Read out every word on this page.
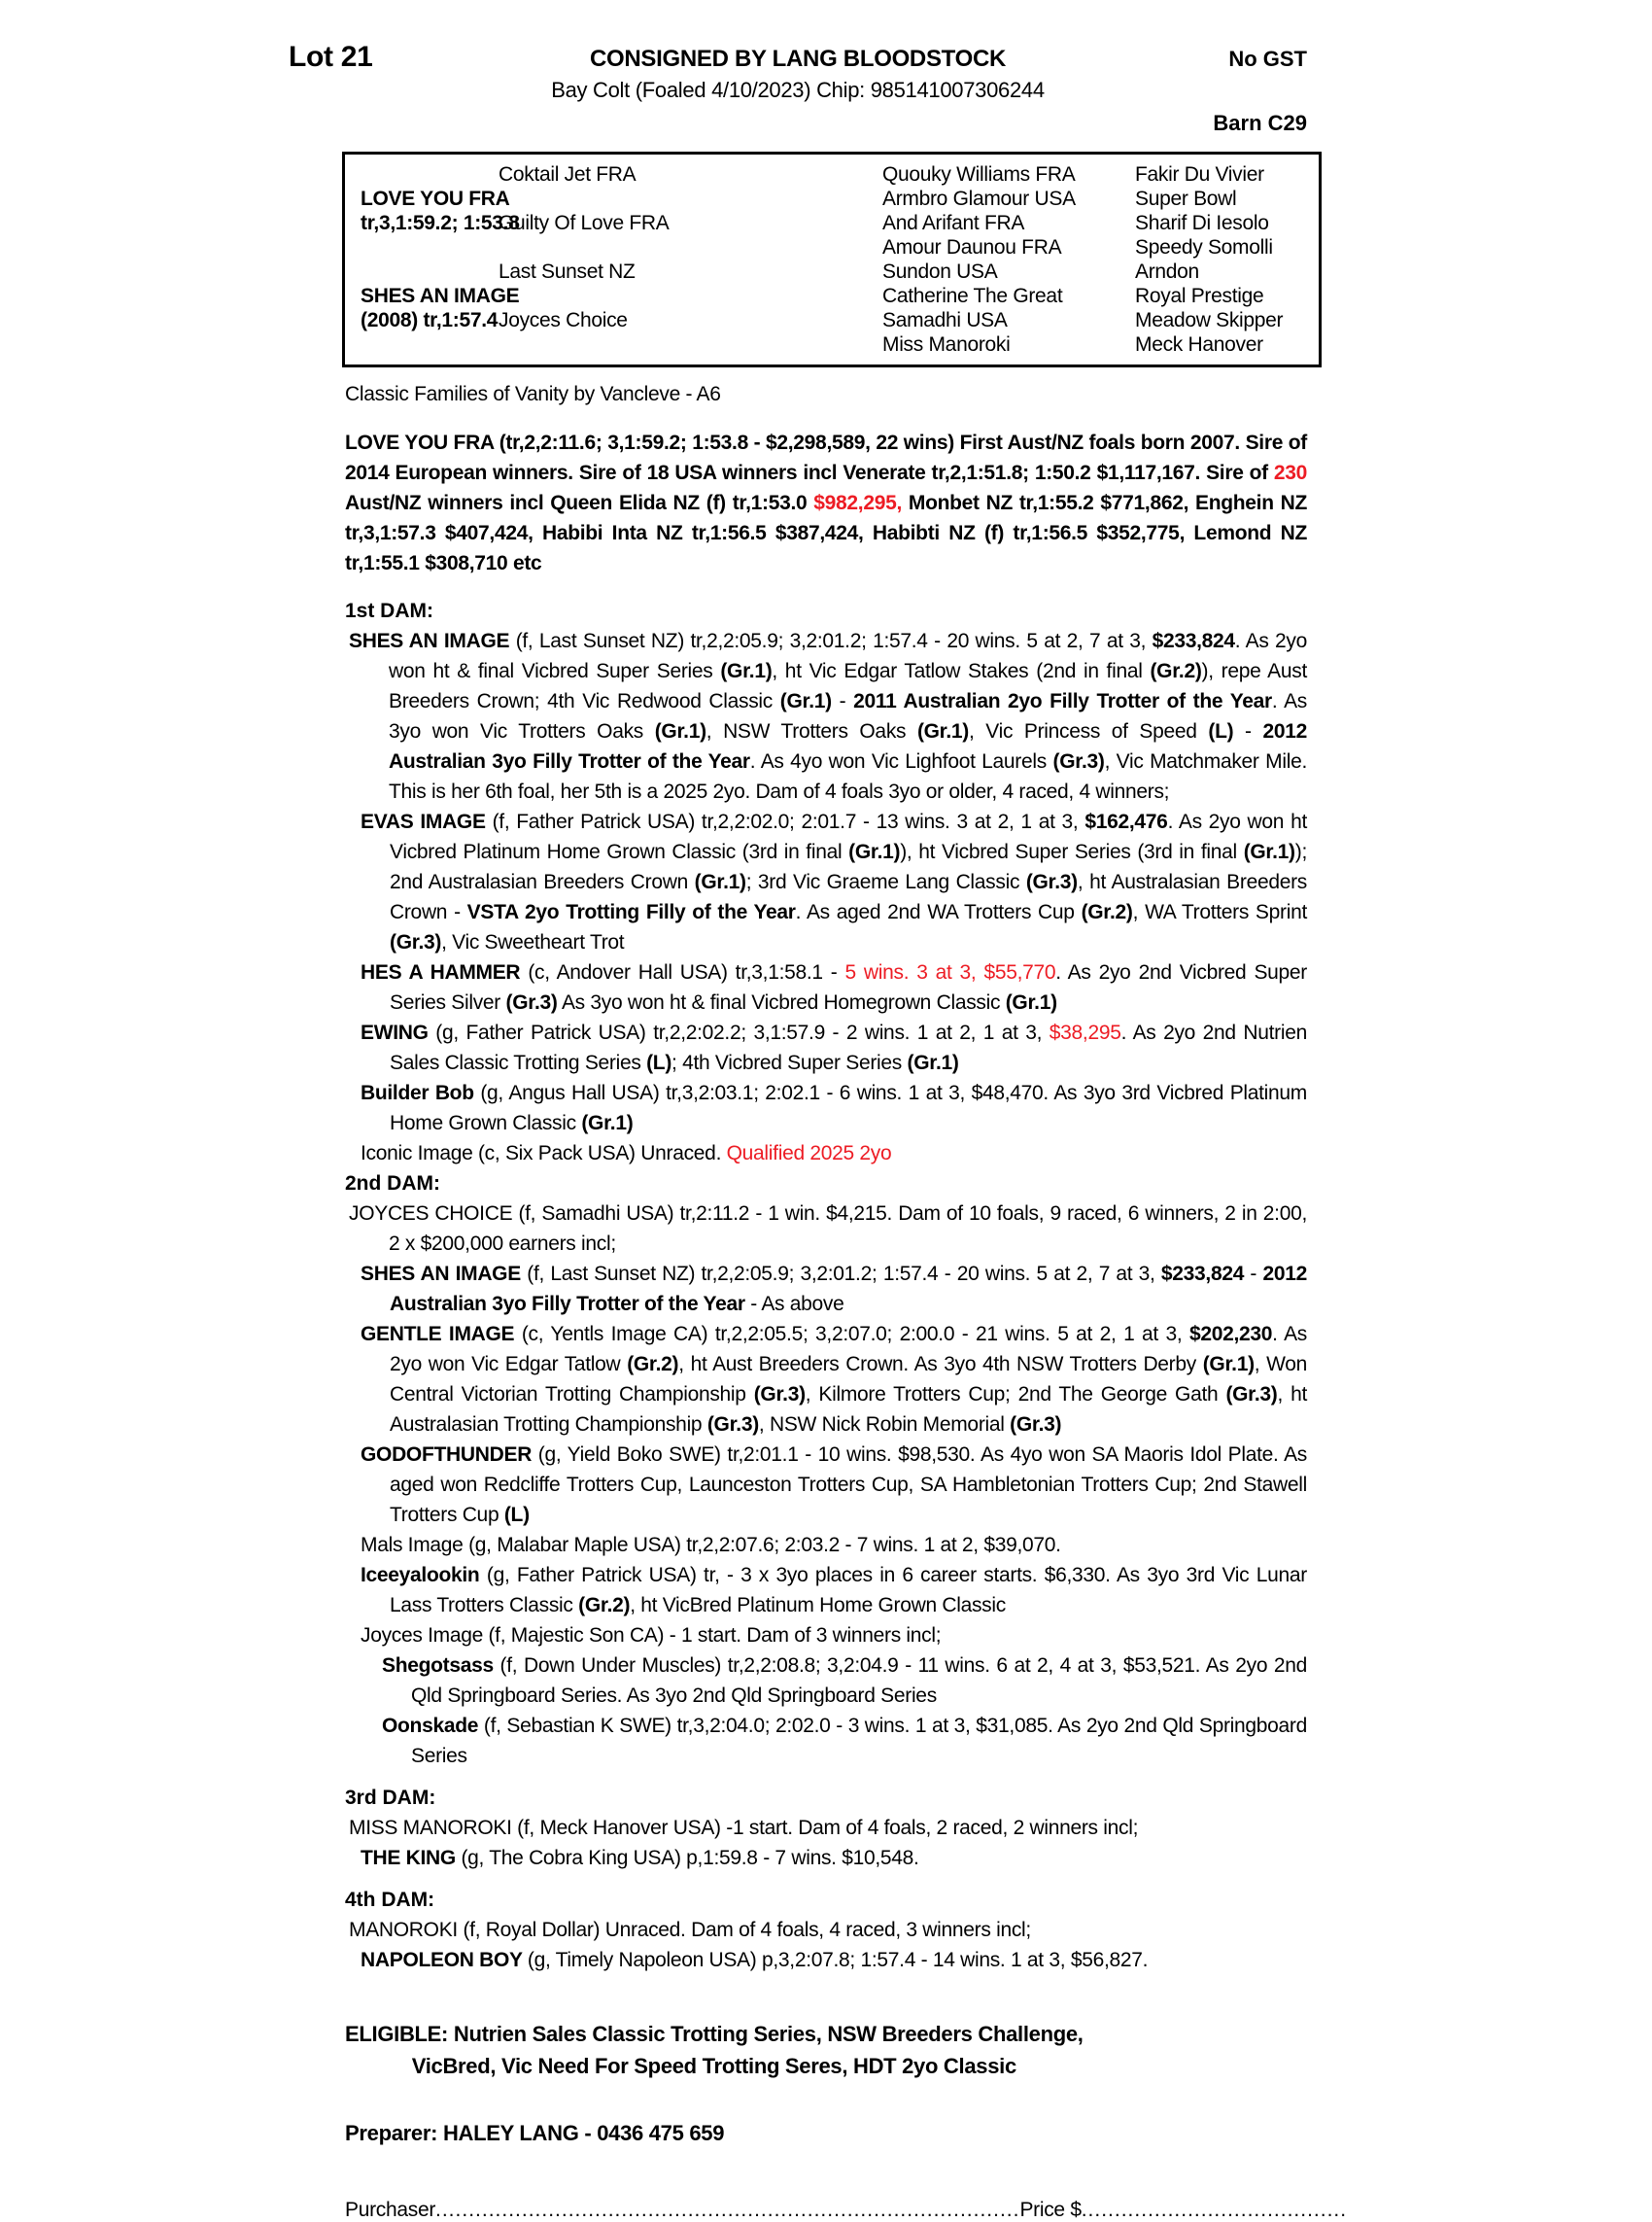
Lot 21	CONSIGNED BY LANG BLOODSTOCK	No GST
Bay Colt (Foaled 4/10/2023) Chip: 985141007306244
Barn C29
LOVE YOU FRA
tr,3,1:59.2; 1:53.8
SHES AN IMAGE
(2008) tr,1:57.4
Coktail Jet FRA
Guilty Of Love FRA
Last Sunset NZ
Joyces Choice
Quouky Williams FRA
Armbro Glamour USA
And Arifant FRA
Amour Daunou FRA
Sundon USA
Catherine The Great
Samadhi USA
Miss Manoroki
Fakir Du Vivier
Super Bowl
Sharif Di Iesolo
Speedy Somolli
Arndon
Royal Prestige
Meadow Skipper
Meck Hanover
Classic Families of Vanity by Vancleve - A6
LOVE YOU FRA (tr,2,2:11.6; 3,1:59.2; 1:53.8 - $2,298,589, 22 wins) First Aust/NZ foals born 2007. Sire of 2014 European winners. Sire of 18 USA winners incl Venerate tr,2,1:51.8; 1:50.2 $1,117,167. Sire of 230 Aust/NZ winners incl Queen Elida NZ (f) tr,1:53.0 $982,295, Monbet NZ tr,1:55.2 $771,862, Enghein NZ tr,3,1:57.3 $407,424, Habibi Inta NZ tr,1:56.5 $387,424, Habibti NZ (f) tr,1:56.5 $352,775, Lemond NZ tr,1:55.1 $308,710 etc
1st DAM:
SHES AN IMAGE (f, Last Sunset NZ) tr,2,2:05.9; 3,2:01.2; 1:57.4 - 20 wins. 5 at 2, 7 at 3, $233,824. As 2yo won ht & final Vicbred Super Series (Gr.1), ht Vic Edgar Tatlow Stakes (2nd in final (Gr.2)), repe Aust Breeders Crown; 4th Vic Redwood Classic (Gr.1) - 2011 Australian 2yo Filly Trotter of the Year. As 3yo won Vic Trotters Oaks (Gr.1), NSW Trotters Oaks (Gr.1), Vic Princess of Speed (L) - 2012 Australian 3yo Filly Trotter of the Year. As 4yo won Vic Lighfoot Laurels (Gr.3), Vic Matchmaker Mile. This is her 6th foal, her 5th is a 2025 2yo. Dam of 4 foals 3yo or older, 4 raced, 4 winners;
EVAS IMAGE (f, Father Patrick USA) tr,2,2:02.0; 2:01.7 - 13 wins. 3 at 2, 1 at 3, $162,476. As 2yo won ht Vicbred Platinum Home Grown Classic (3rd in final (Gr.1)), ht Vicbred Super Series (3rd in final (Gr.1)); 2nd Australasian Breeders Crown (Gr.1); 3rd Vic Graeme Lang Classic (Gr.3), ht Australasian Breeders Crown - VSTA 2yo Trotting Filly of the Year. As aged 2nd WA Trotters Cup (Gr.2), WA Trotters Sprint (Gr.3), Vic Sweetheart Trot
HES A HAMMER (c, Andover Hall USA) tr,3,1:58.1 - 5 wins. 3 at 3, $55,770. As 2yo 2nd Vicbred Super Series Silver (Gr.3) As 3yo won ht & final Vicbred Homegrown Classic (Gr.1)
EWING (g, Father Patrick USA) tr,2,2:02.2; 3,1:57.9 - 2 wins. 1 at 2, 1 at 3, $38,295. As 2yo 2nd Nutrien Sales Classic Trotting Series (L); 4th Vicbred Super Series (Gr.1)
Builder Bob (g, Angus Hall USA) tr,3,2:03.1; 2:02.1 - 6 wins. 1 at 3, $48,470. As 3yo 3rd Vicbred Platinum Home Grown Classic (Gr.1)
Iconic Image (c, Six Pack USA) Unraced. Qualified 2025 2yo
2nd DAM:
JOYCES CHOICE (f, Samadhi USA) tr,2:11.2 - 1 win. $4,215. Dam of 10 foals, 9 raced, 6 winners, 2 in 2:00, 2 x $200,000 earners incl;
SHES AN IMAGE (f, Last Sunset NZ) tr,2,2:05.9; 3,2:01.2; 1:57.4 - 20 wins. 5 at 2, 7 at 3, $233,824 - 2012 Australian 3yo Filly Trotter of the Year - As above
GENTLE IMAGE (c, Yentls Image CA) tr,2,2:05.5; 3,2:07.0; 2:00.0 - 21 wins. 5 at 2, 1 at 3, $202,230. As 2yo won Vic Edgar Tatlow (Gr.2), ht Aust Breeders Crown. As 3yo 4th NSW Trotters Derby (Gr.1), Won Central Victorian Trotting Championship (Gr.3), Kilmore Trotters Cup; 2nd The George Gath (Gr.3), ht Australasian Trotting Championship (Gr.3), NSW Nick Robin Memorial (Gr.3)
GODOFTHUNDER (g, Yield Boko SWE) tr,2:01.1 - 10 wins. $98,530. As 4yo won SA Maoris Idol Plate. As aged won Redcliffe Trotters Cup, Launceston Trotters Cup, SA Hambletonian Trotters Cup; 2nd Stawell Trotters Cup (L)
Mals Image (g, Malabar Maple USA) tr,2,2:07.6; 2:03.2 - 7 wins. 1 at 2, $39,070.
Iceeyalookin (g, Father Patrick USA) tr, - 3 x 3yo places in 6 career starts. $6,330. As 3yo 3rd Vic Lunar Lass Trotters Classic (Gr.2), ht VicBred Platinum Home Grown Classic
Joyces Image (f, Majestic Son CA) - 1 start. Dam of 3 winners incl;
Shegotsass (f, Down Under Muscles) tr,2,2:08.8; 3,2:04.9 - 11 wins. 6 at 2, 4 at 3, $53,521. As 2yo 2nd Qld Springboard Series. As 3yo 2nd Qld Springboard Series
Oonskade (f, Sebastian K SWE) tr,3,2:04.0; 2:02.0 - 3 wins. 1 at 3, $31,085. As 2yo 2nd Qld Springboard Series
3rd DAM:
MISS MANOROKI (f, Meck Hanover USA) -1 start. Dam of 4 foals, 2 raced, 2 winners incl;
THE KING (g, The Cobra King USA) p,1:59.8 - 7 wins. $10,548.
4th DAM:
MANOROKI (f, Royal Dollar) Unraced. Dam of 4 foals, 4 raced, 3 winners incl;
NAPOLEON BOY (g, Timely Napoleon USA) p,3,2:07.8; 1:57.4 - 14 wins. 1 at 3, $56,827.
ELIGIBLE: Nutrien Sales Classic Trotting Series, NSW Breeders Challenge,
VicBred, Vic Need For Speed Trotting Seres, HDT 2yo Classic
Preparer: HALEY LANG - 0436 475 659
Purchaser........................................................................................Price $........................................
